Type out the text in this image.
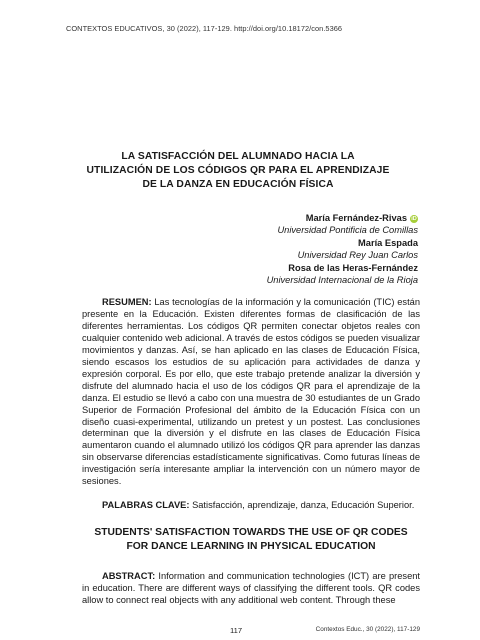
CONTEXTOS EDUCATIVOS, 30 (2022), 117-129. http://doi.org/10.18172/con.5366
LA SATISFACCIÓN DEL ALUMNADO HACIA LA
UTILIZACIÓN DE LOS CÓDIGOS QR PARA EL APRENDIZAJE
DE LA DANZA EN EDUCACIÓN FÍSICA
María Fernández-Rivas iD
Universidad Pontificia de Comillas
María Espada
Universidad Rey Juan Carlos
Rosa de las Heras-Fernández
Universidad Internacional de la Rioja

RESUMEN: Las tecnologías de la información y la comunicación (TIC) están presente en la Educación. Existen diferentes formas de clasificación de las diferentes herramientas. Los códigos QR permiten conectar objetos reales con cualquier contenido web adicional. A través de estos códigos se pueden visualizar movimientos y danzas. Así, se han aplicado en las clases de Educación Física, siendo escasos los estudios de su aplicación para actividades de danza y expresión corporal. Es por ello, que este trabajo pretende analizar la diversión y disfrute del alumnado hacia el uso de los códigos QR para el aprendizaje de la danza. El estudio se llevó a cabo con una muestra de 30 estudiantes de un Grado Superior de Formación Profesional del ámbito de la Educación Física con un diseño cuasi-experimental, utilizando un pretest y un postest. Las conclusiones determinan que la diversión y el disfrute en las clases de Educación Física aumentaron cuando el alumnado utilizó los códigos QR para aprender las danzas sin observarse diferencias estadísticamente significativas. Como futuras líneas de investigación sería interesante ampliar la intervención con un número mayor de sesiones.

PALABRAS CLAVE: Satisfacción, aprendizaje, danza, Educación Superior.
STUDENTS' SATISFACTION TOWARDS THE USE OF QR CODES
FOR DANCE LEARNING IN PHYSICAL EDUCATION

ABSTRACT: Information and communication technologies (ICT) are present in education. There are different ways of classifying the different tools. QR codes allow to connect real objects with any additional web content. Through these

117	Contextos Educ., 30 (2022), 117-129
